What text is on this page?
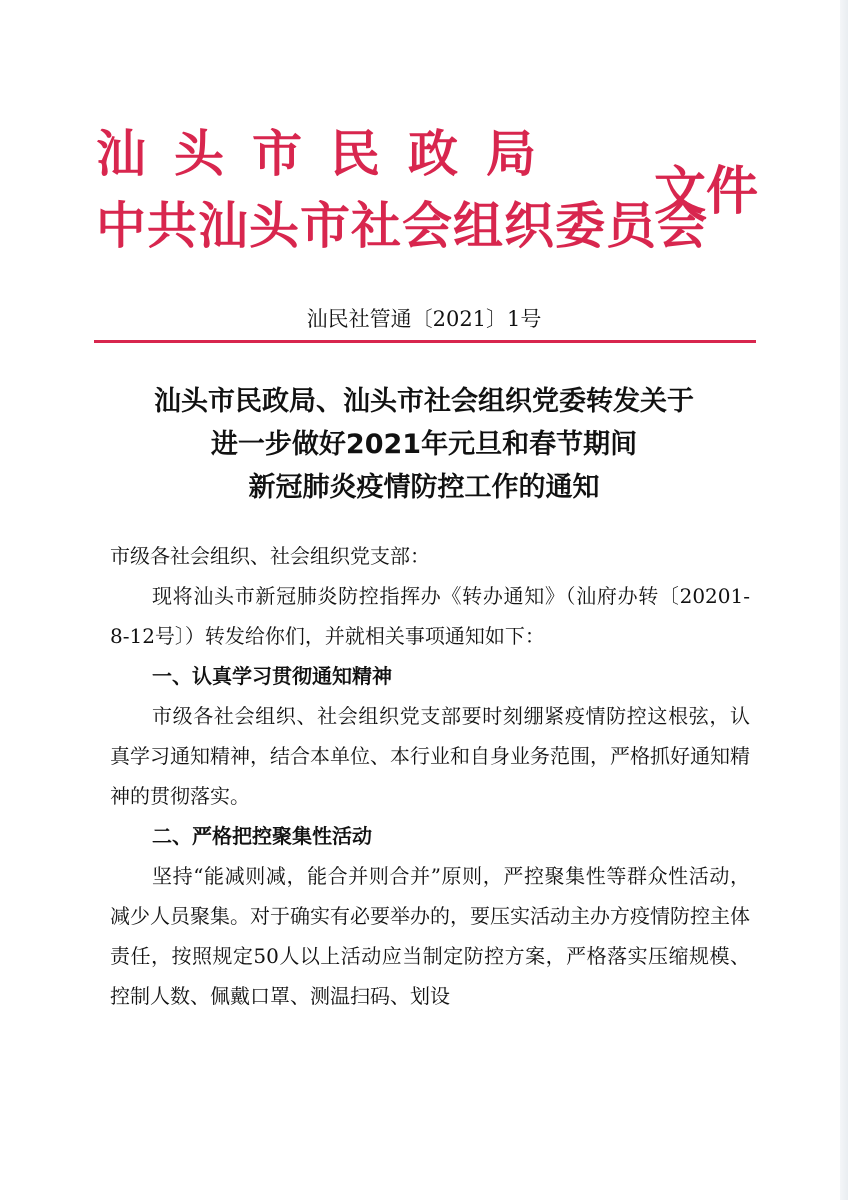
汕头市民政局
中共汕头市社会组织委员会
文件
汕民社管通〔2021〕1号
汕头市民政局、汕头市社会组织党委转发关于
进一步做好2021年元旦和春节期间
新冠肺炎疫情防控工作的通知
市级各社会组织、社会组织党支部：

现将汕头市新冠肺炎防控指挥办《转办通知》（汕府办转〔20201-8-12号〕）转发给你们，并就相关事项通知如下：

一、认真学习贯彻通知精神

市级各社会组织、社会组织党支部要时刻绷紧疫情防控这根弦，认真学习通知精神，结合本单位、本行业和自身业务范围，严格抓好通知精神的贯彻落实。

二、严格把控聚集性活动

坚持“能减则减，能合并则合并”原则，严控聚集性等群众性活动，减少人员聚集。对于确实有必要举办的，要压实活动主办方疫情防控主体责任，按照规定50人以上活动应当制定防控方案，严格落实压缩规模、控制人数、佩戴口罩、测温扫码、划设
